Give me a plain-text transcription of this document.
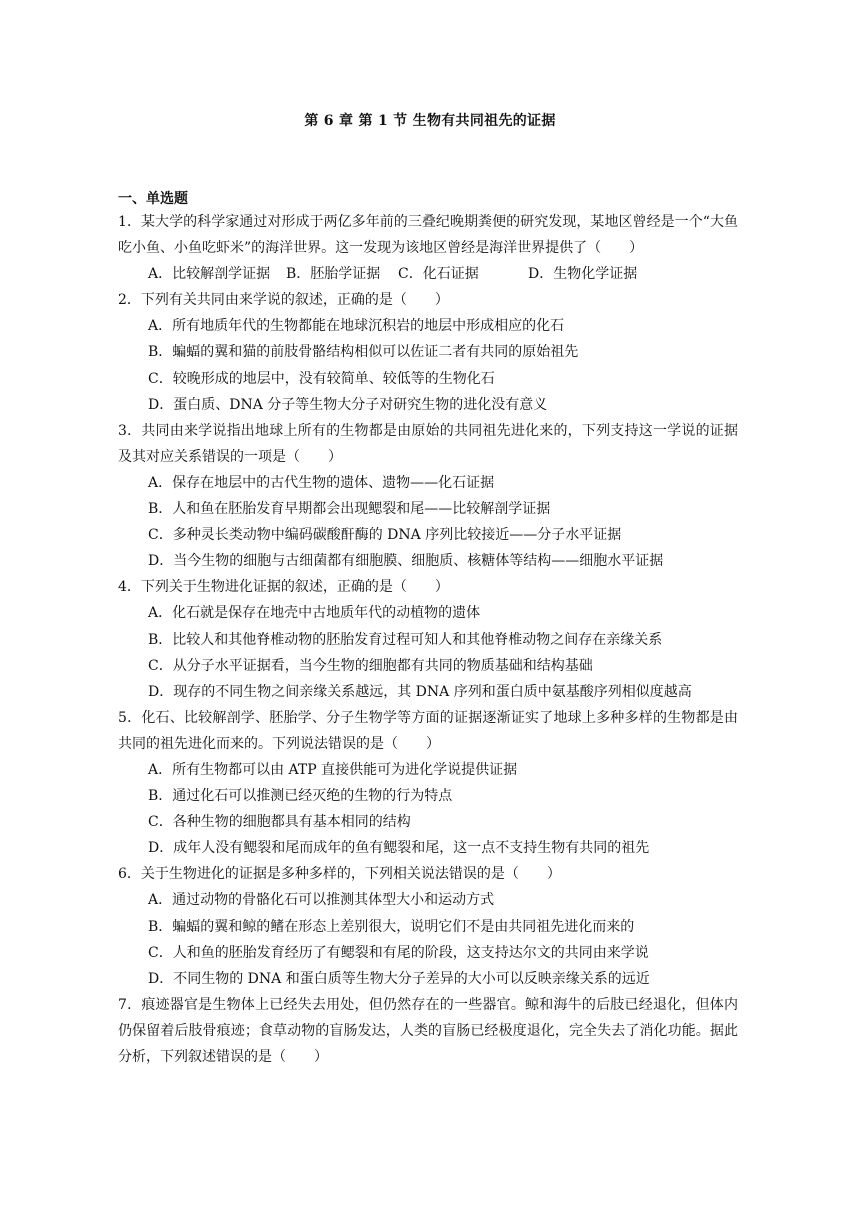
第 6 章 第 1 节 生物有共同祖先的证据
一、单选题
1．某大学的科学家通过对形成于两亿多年前的三叠纪晚期粪便的研究发现，某地区曾经是一个“大鱼吃小鱼、小鱼吃虾米”的海洋世界。这一发现为该地区曾经是海洋世界提供了（　　）
A．比较解剖学证据 B．胚胎学证据 C．化石证据	D．生物化学证据
2．下列有关共同由来学说的叙述，正确的是（　　）
A．所有地质年代的生物都能在地球沉积岩的地层中形成相应的化石
B．蝙蝠的翼和猫的前肢骨骼结构相似可以佐证二者有共同的原始祖先
C．较晚形成的地层中，没有较简单、较低等的生物化石
D．蛋白质、DNA 分子等生物大分子对研究生物的进化没有意义
3．共同由来学说指出地球上所有的生物都是由原始的共同祖先进化来的，下列支持这一学说的证据及其对应关系错误的一项是（　　）
A．保存在地层中的古代生物的遗体、遗物——化石证据
B．人和鱼在胚胎发育早期都会出现鳃裂和尾——比较解剖学证据
C．多种灵长类动物中编码碳酸酐酶的 DNA 序列比较接近——分子水平证据
D．当今生物的细胞与古细菌都有细胞膜、细胞质、核糖体等结构——细胞水平证据
4．下列关于生物进化证据的叙述，正确的是（　　）
A．化石就是保存在地壳中古地质年代的动植物的遗体
B．比较人和其他脊椎动物的胚胎发育过程可知人和其他脊椎动物之间存在亲缘关系
C．从分子水平证据看，当今生物的细胞都有共同的物质基础和结构基础
D．现存的不同生物之间亲缘关系越远，其 DNA 序列和蛋白质中氨基酸序列相似度越高
5．化石、比较解剖学、胚胎学、分子生物学等方面的证据逐渐证实了地球上多种多样的生物都是由共同的祖先进化而来的。下列说法错误的是（　　）
A．所有生物都可以由 ATP 直接供能可为进化学说提供证据
B．通过化石可以推测已经灭绝的生物的行为特点
C．各种生物的细胞都具有基本相同的结构
D．成年人没有鳃裂和尾而成年的鱼有鳃裂和尾，这一点不支持生物有共同的祖先
6．关于生物进化的证据是多种多样的，下列相关说法错误的是（　　）
A．通过动物的骨骼化石可以推测其体型大小和运动方式
B．蝙蝠的翼和鲸的鳍在形态上差别很大，说明它们不是由共同祖先进化而来的
C．人和鱼的胚胎发育经历了有鳃裂和有尾的阶段，这支持达尔文的共同由来学说
D．不同生物的 DNA 和蛋白质等生物大分子差异的大小可以反映亲缘关系的远近
7．痕迹器官是生物体上已经失去用处，但仍然存在的一些器官。鲸和海牛的后肢已经退化，但体内仍保留着后肢骨痕迹；食草动物的盲肠发达，人类的盲肠已经极度退化，完全失去了消化功能。据此分析，下列叙述错误的是（　　）
